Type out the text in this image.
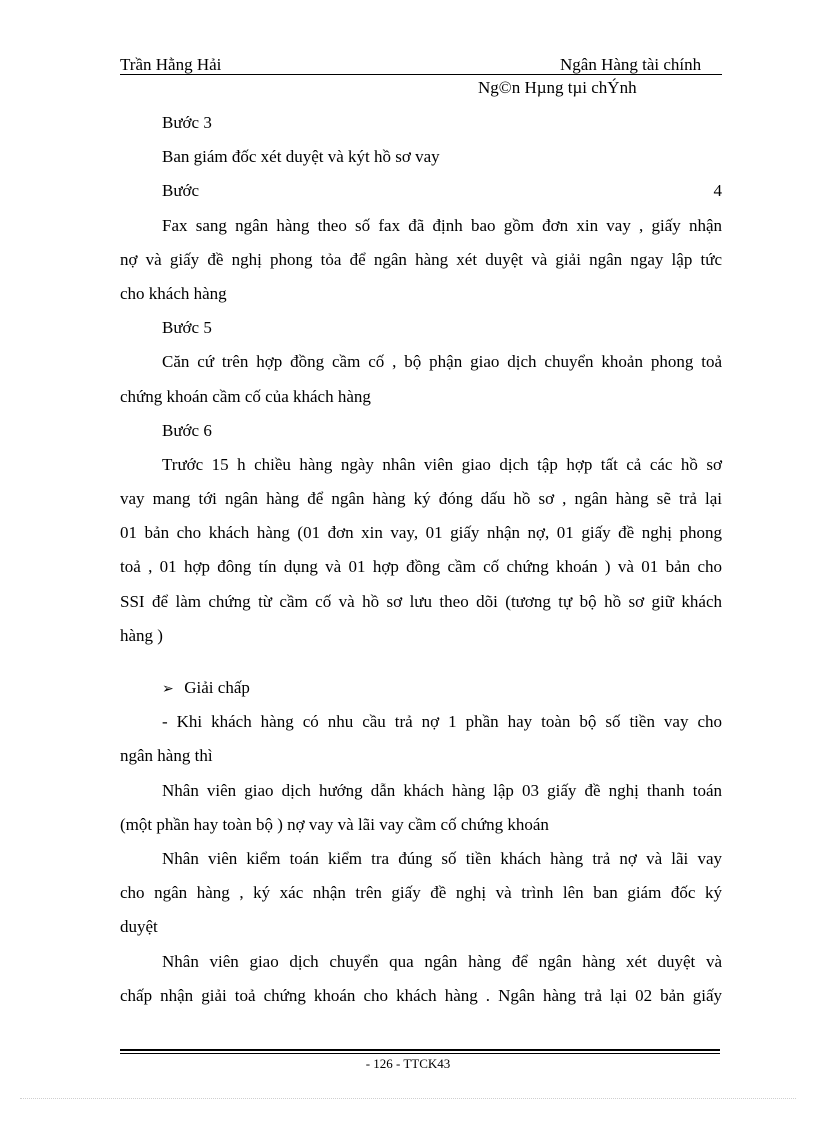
Trần Hằng Hải	Ngân Hàng tài chính
Ng©n Hµng tµi chÝnh
Bước 3
Ban giám đốc xét duyệt và kýt hồ sơ vay
Bước	4
Fax sang ngân hàng theo số fax đã định bao gồm đơn xin vay , giấy nhận
nợ và giấy đề nghị phong tỏa để ngân hàng xét duyệt và giải ngân ngay lập tức
cho khách hàng
Bước 5
Căn cứ trên hợp đồng cầm cố , bộ phận giao dịch chuyển khoản phong toả
chứng khoán cầm cố của khách hàng
Bước 6
Trước 15 h chiều hàng ngày nhân viên giao dịch tập hợp tất cả các hồ sơ
vay mang tới ngân hàng để ngân hàng ký đóng dấu hồ sơ , ngân hàng sẽ trả lại
01 bản cho khách hàng (01 đơn xin vay, 01 giấy nhận nợ, 01 giấy đề nghị phong
toả , 01 hợp đông tín dụng và 01 hợp đồng cầm cố chứng khoán ) và 01 bản cho
SSI để làm chứng từ cầm cố và hồ sơ lưu theo dõi (tương tự bộ hồ sơ giữ khách
hàng )
➢ Giải chấp
- Khi khách hàng có nhu cầu trả nợ 1 phần hay toàn bộ số tiền vay cho
ngân hàng thì
Nhân viên giao dịch hướng dẫn khách hàng lập 03 giấy đề nghị thanh toán
(một phần hay toàn bộ ) nợ vay và lãi vay cầm cố chứng khoán
Nhân viên kiểm toán kiểm tra đúng số tiền khách hàng trả nợ và lãi vay
cho ngân hàng , ký xác nhận trên giấy đề nghị và trình lên ban giám đốc ký
duyệt
Nhân viên giao dịch chuyển qua ngân hàng để ngân hàng xét duyệt và
chấp nhận giải toả chứng khoán cho khách hàng . Ngân hàng trả lại 02 bản giấy
- 126 - TTCK43
